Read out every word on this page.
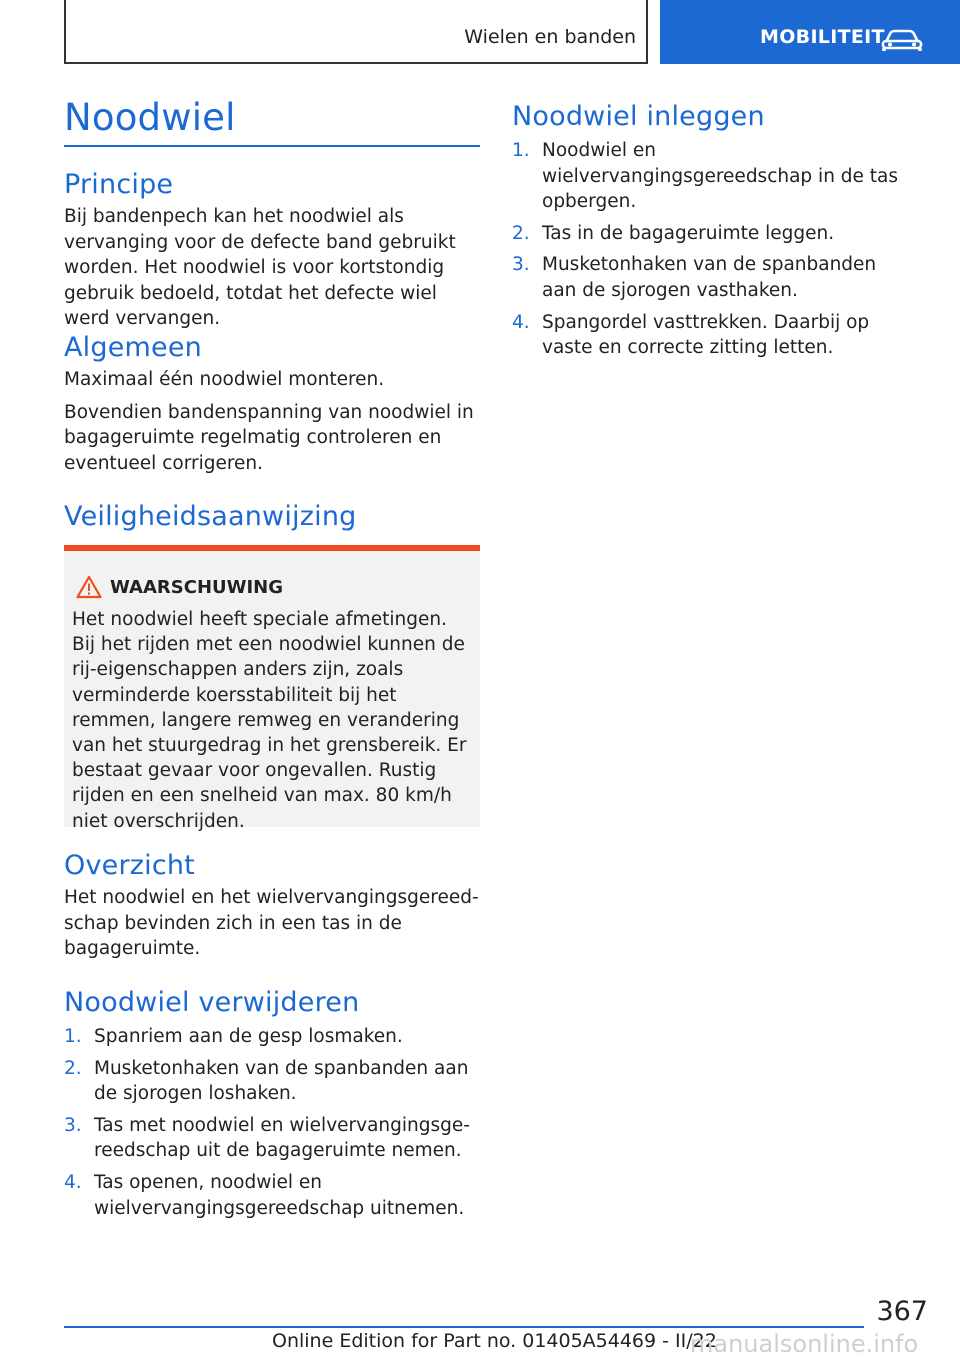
Wielen en banden	MOBILITEIT
Noodwiel
Principe

Bij bandenpech kan het noodwiel als vervanging voor de defecte band gebruikt worden. Het noodwiel is voor kortstondig gebruik bedoeld, totdat het defecte wiel werd vervangen.

Algemeen

Maximaal één noodwiel monteren.

Bovendien bandenspanning van noodwiel in bagageruimte regelmatig controleren en eventueel corrigeren.

Veiligheidsaanwijzing
WAARSCHUWING
Het noodwiel heeft speciale afmetingen. Bij het rijden met een noodwiel kunnen de rij-eigenschappen anders zijn, zoals verminderde koersstabiliteit bij het remmen, langere remweg en verandering van het stuurgedrag in het grensbereik. Er bestaat gevaar voor ongevallen. Rustig rijden en een snelheid van max. 80 km/h niet overschrijden.
Overzicht

Het noodwiel en het wielvervangingsgereedschap bevinden zich in een tas in de bagageruimte.

Noodwiel verwijderen
1. Spanriem aan de gesp losmaken.
2. Musketonhaken van de spanbanden aan de sjorogen loshaken.
3. Tas met noodwiel en wielvervangingsgereedschap uit de bagageruimte nemen.
4. Tas openen, noodwiel en wielvervangingsgereedschap uitnemen.
Noodwiel inleggen
1. Noodwiel en wielvervangingsgereedschap in de tas opbergen.
2. Tas in de bagageruimte leggen.
3. Musketonhaken van de spanbanden aan de sjorogen vasthaken.
4. Spangordel vasttrekken. Daarbij op vaste en correcte zitting letten.
367
Online Edition for Part no. 01405A54469 - II/22
manualsonline.info
